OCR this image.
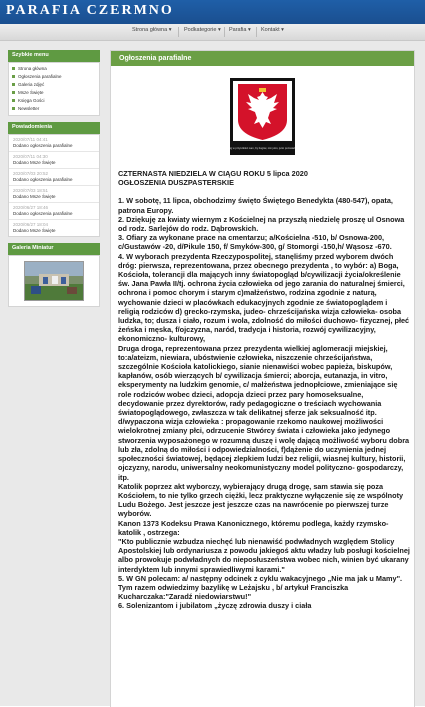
PARAFIA CZERMNO
Strona główna ▾ Podkategorie ▾ Parafia ▾ Kontakt ▾
Szybkie menu
Strona główna
Ogłoszenia parafialne
Galeria zdjęć
Msze Święte
Księga Gości
Newsletter
Powiadomienia
2020/07/11 04:41
Dodano ogłoszenia parafialne
2020/07/11 04:30
Dodano Msze Święte
2020/07/03 20:52
Dodano ogłoszenia parafialne
2020/07/03 18:51
Dodano Msze Święte
2020/06/27 18:46
Dodano ogłoszenia parafialne
2020/06/27 18:04
Dodano Msze Święte
Galeria Miniatur
Ogłoszenia parafialne
Bóg w przyszłości nam, by bogów, nim jutro, jutro pozostań...

CZTERNASTA NIEDZIELA W CIĄGU ROKU 5 lipca 2020

OGŁOSZENIA DUSZPASTERSKIE

1. W sobotę, 11 lipca, obchodzimy święto Świętego Benedykta (480-547), opata, patrona Europy.

2. Dziękuję za kwiaty wiernym z Kościelnej na przyszłą niedzielę proszę ul Osnowa od rodz. Sarlejów do rodz. Dąbrowskich.

3. Ofiary za wykonane prace na cmentarzu; a/Kościelna -510, b/ Osnowa-200, c/Gustawów -20, d/Pikule 150, f/ Smyków-300, g/ Stomorgi -150,h/ Wąsosz -670.

4. W wyborach prezydenta Rzeczypospolitej, stanęliśmy przed wyborem dwóch dróg: pierwsza, reprezentowana, przez obecnego prezydenta , to wybór: a) Boga, Kościoła, tolerancji dla mających inny światopogląd b/cywilizacji życia/określenie św. Jana Pawła II/tj. ochrona życia człowieka od jego zarania do naturalnej śmierci, ochrona i pomoc chorym i starym c)małżeństwo, rodzina zgodnie z naturą, wychowanie dzieci w placówkach edukacyjnych zgodnie ze światopoglądem i religią rodziców d) grecko-rzymska, judeo- chrześcijańska wizja człowieka- osoba ludzka, to; dusza i ciało, rozum i wola, zdolność do miłości duchowo- fizycznej, płeć żeńska i męska, f/ojczyzna, naród, tradycja i historia, rozwój cywilizacyjny, ekonomiczno- kulturowy,

Druga droga, reprezentowana przez prezydenta wielkiej aglomeracji miejskiej, to:a/ateizm, niewiara, ubóstwienie człowieka, niszczenie chrześcijaństwa, szczególnie Kościoła katolickiego, sianie nienawiści wobec papieża, biskupów, kapłanów, osób wierzących b/ cywilizacja śmierci; aborcja, eutanazja, in vitro, eksperymenty na ludzkim genomie, c/ małżeństwa jednopłciowe, zmieniające się role rodziców wobec dzieci, adopcja dzieci przez pary homoseksualne, decydowanie przez dyrektorów, rady pedagogiczne o treściach wychowania światopoglądowego, zwłaszcza w tak delikatnej sferze jak seksualność itp. d/wypaczona wizja człowieka : propagowanie rzekomo naukowej możliwości wielokrotnej zmiany płci, odrzucenie Stwórcy świata i człowieka jako jedynego stworzenia wyposażonego w rozumną duszę i wolę dającą możliwość wyboru dobra lub zła, zdolną do miłości i odpowiedzialności, f)dążenie do uczynienia jednej społeczności światowej, będącej zlepkiem ludzi bez religii, wiasnej kultury, historii, ojczyzny, narodu, uniwersalny neokomunistyczny model polityczno- gospodarczy, itp.

Katolik poprzez akt wyborczy, wybierający drugą drogę, sam stawia się poza Kościołem, to nie tylko grzech ciężki, lecz praktyczne wyłączenie się ze wspólnoty Ludu Bożego. Jest jeszcze jest jeszcze czas na nawrócenie po pierwszej turze wyborów.

Kanon 1373 Kodeksu Prawa Kanonicznego, któremu podlega, każdy rzymsko-katolik , ostrzega:

"Kto publicznie wzbudza niechęć lub nienawiść podwładnych względem Stolicy Apostolskiej lub ordynariusza z powodu jakiegoś aktu władzy lub posługi kościelnej albo prowokuje podwładnych do nieposłuszeństwa wobec nich, winien być ukarany interdyktem lub innymi sprawiedliwymi karami."

5. W GN polecam: a/ następny odcinek z cyklu wakacyjnego „Nie ma jak u Mamy". Tym razem odwiedzimy bazylikę w Leżajsku , b/ artykuł Franciszka Kucharczaka:"Zaradź niedowiarstwu!"

6. Solenizantom i jubilatom „życzę zdrowia duszy i ciała
